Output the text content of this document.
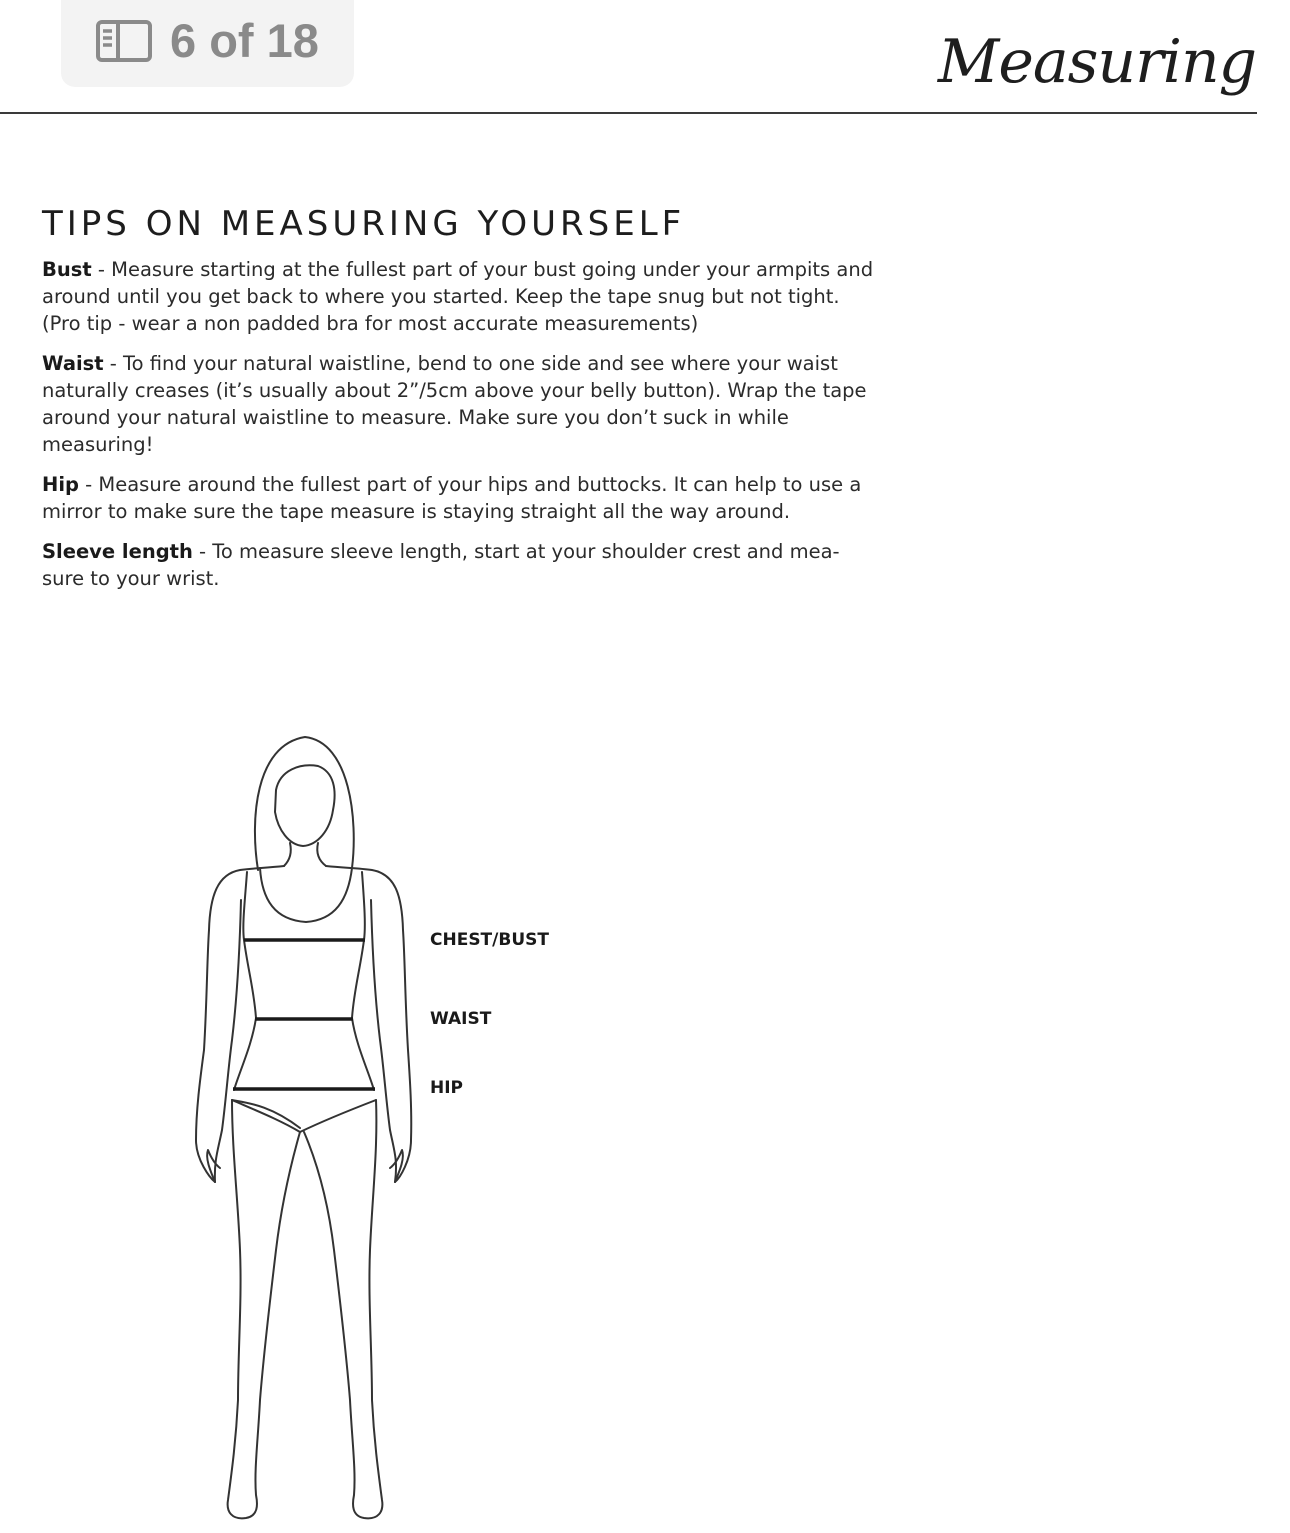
6 of 18	Measuring
TIPS ON MEASURING YOURSELF

Bust - Measure starting at the fullest part of your bust going under your armpits and around until you get back to where you started. Keep the tape snug but not tight. (Pro tip - wear a non padded bra for most accurate measurements)

Waist - To find your natural waistline, bend to one side and see where your waist naturally creases (it’s usually about 2”/5cm above your belly button). Wrap the tape around your natural waistline to measure. Make sure you don’t suck in while measuring!

Hip - Measure around the fullest part of your hips and buttocks. It can help to use a mirror to make sure the tape measure is staying straight all the way around.

Sleeve length - To measure sleeve length, start at your shoulder crest and mea-sure to your wrist.

CHEST/BUST
WAIST
HIP
